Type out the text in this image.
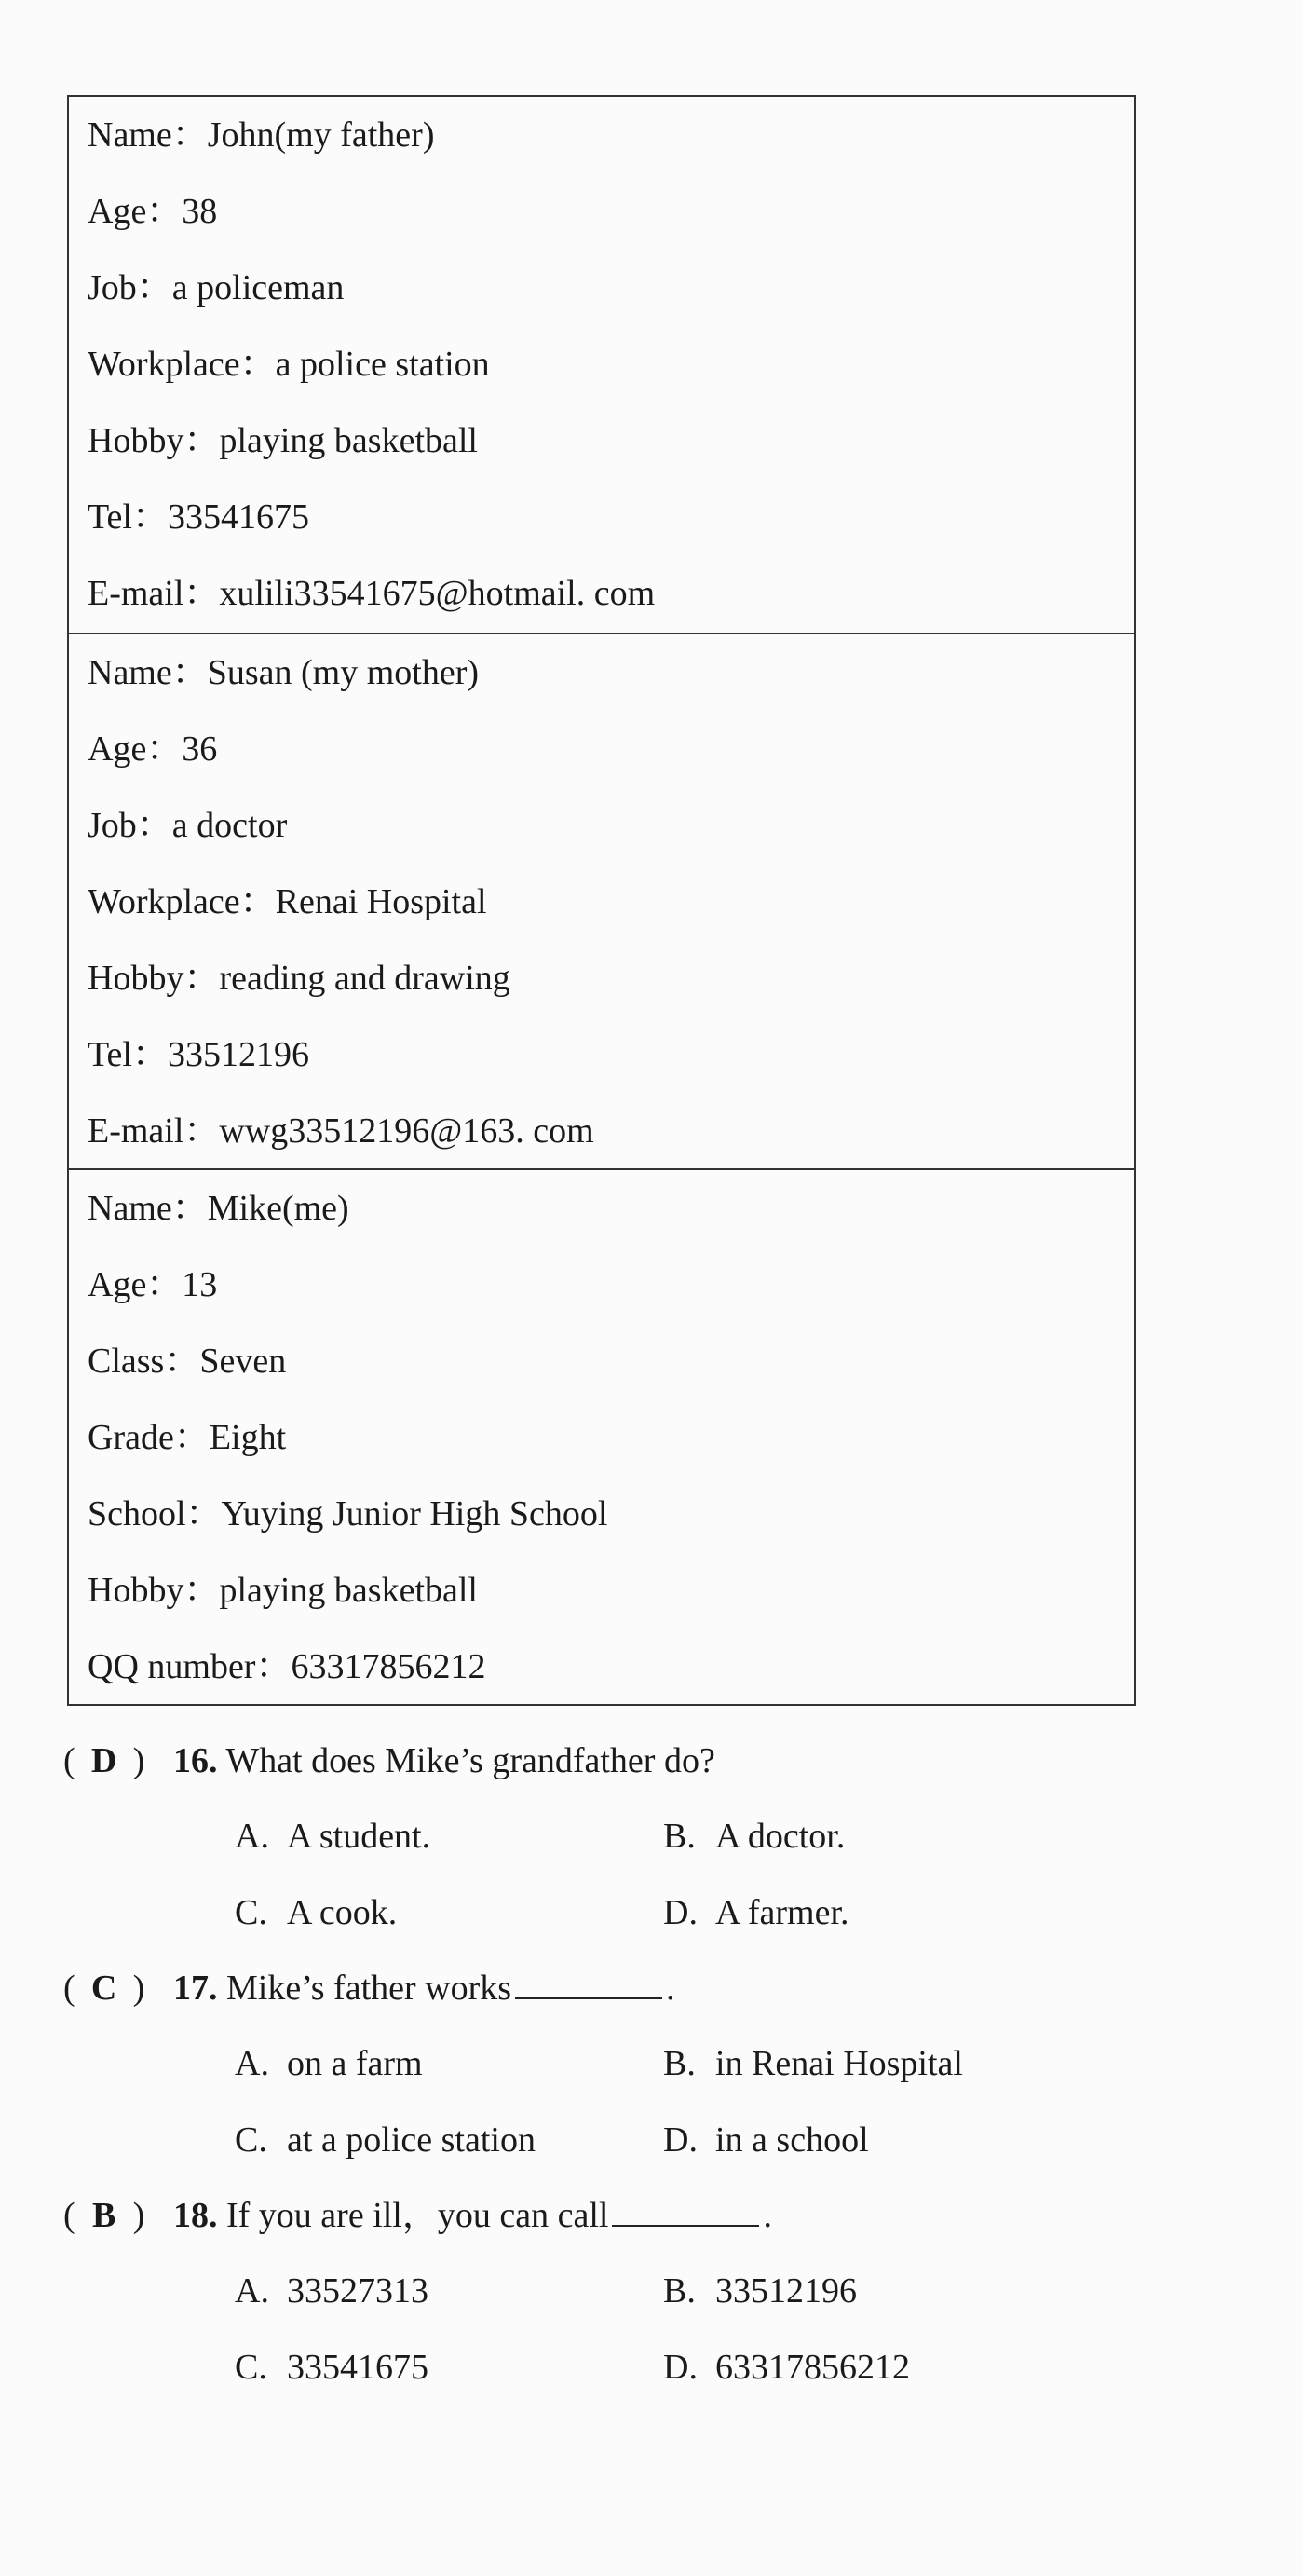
Name：John(my father)
Age：38
Job：a policeman
Workplace：a police station
Hobby：playing basketball
Tel：33541675
E-mail：xulili33541675@hotmail. com
Name：Susan (my mother)
Age：36
Job：a doctor
Workplace：Renai Hospital
Hobby：reading and drawing
Tel：33512196
E-mail：wwg33512196@163. com
Name：Mike(me)
Age：13
Class：Seven
Grade：Eight
School：Yuying Junior High School
Hobby：playing basketball
QQ number：63317856212
( D ) 16. What does Mike’s grandfather do?
A. A student.	B. A doctor.
C. A cook.	D. A farmer.
( C ) 17. Mike’s father works	.
A. on a farm	B. in Renai Hospital
C. at a police station	D. in a school
( B ) 18. If you are ill，you can call	.
A. 33527313	B. 33512196
C. 33541675	D. 63317856212
